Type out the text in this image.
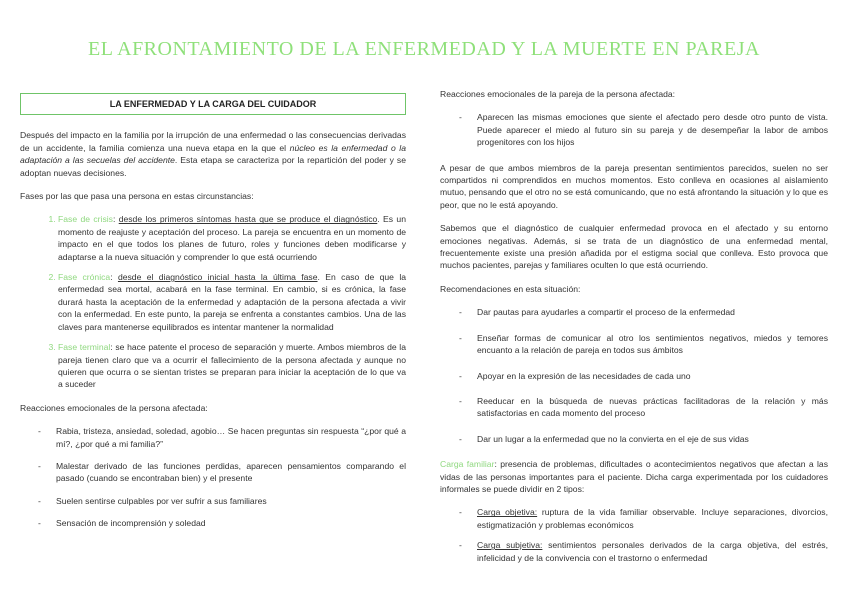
EL AFRONTAMIENTO DE LA ENFERMEDAD Y LA MUERTE EN PAREJA
LA ENFERMEDAD Y LA CARGA DEL CUIDADOR

Después del impacto en la familia por la irrupción de una enfermedad o las consecuencias derivadas de un accidente, la familia comienza una nueva etapa en la que el núcleo es la enfermedad o la adaptación a las secuelas del accidente. Esta etapa se caracteriza por la repartición del poder y se adoptan nuevas decisiones.

Fases por las que pasa una persona en estas circunstancias:

1. Fase de crisis: desde los primeros síntomas hasta que se produce el diagnóstico. Es un momento de reajuste y aceptación del proceso. La pareja se encuentra en un momento de impacto en el que todos los planes de futuro, roles y funciones deben modificarse y adaptarse a la nueva situación y comprender lo que está ocurriendo
2. Fase crónica: desde el diagnóstico inicial hasta la última fase. En caso de que la enfermedad sea mortal, acabará en la fase terminal. En cambio, si es crónica, la fase durará hasta la aceptación de la enfermedad y adaptación de la persona afectada a vivir con la enfermedad. En este punto, la pareja se enfrenta a constantes cambios. Una de las claves para mantenerse equilibrados es intentar mantener la normalidad
3. Fase terminal: se hace patente el proceso de separación y muerte. Ambos miembros de la pareja tienen claro que va a ocurrir el fallecimiento de la persona afectada y aunque no quieren que ocurra o se sientan tristes se preparan para iniciar la aceptación de lo que va a suceder

Reacciones emocionales de la persona afectada:

- Rabia, tristeza, ansiedad, soledad, agobio… Se hacen preguntas sin respuesta “¿por qué a mí?, ¿por qué a mi familia?”
- Malestar derivado de las funciones perdidas, aparecen pensamientos comparando el pasado (cuando se encontraban bien) y el presente
- Suelen sentirse culpables por ver sufrir a sus familiares
- Sensación de incomprensión y soledad

Reacciones emocionales de la pareja de la persona afectada:

- Aparecen las mismas emociones que siente el afectado pero desde otro punto de vista. Puede aparecer el miedo al futuro sin su pareja y de desempeñar la labor de ambos progenitores con los hijos

A pesar de que ambos miembros de la pareja presentan sentimientos parecidos, suelen no ser compartidos ni comprendidos en muchos momentos. Esto conlleva en ocasiones al aislamiento mutuo, pensando que el otro no se está comunicando, que no está afrontando la situación y lo que es peor, que no le está apoyando.

Sabemos que el diagnóstico de cualquier enfermedad provoca en el afectado y su entorno emociones negativas. Además, si se trata de un diagnóstico de una enfermedad mental, frecuentemente existe una presión añadida por el estigma social que conlleva. Esto provoca que muchos pacientes, parejas y familiares oculten lo que está ocurriendo.

Recomendaciones en esta situación:

- Dar pautas para ayudarles a compartir el proceso de la enfermedad
- Enseñar formas de comunicar al otro los sentimientos negativos, miedos y temores encuanto a la relación de pareja en todos sus ámbitos
- Apoyar en la expresión de las necesidades de cada uno
- Reeducar en la búsqueda de nuevas prácticas facilitadoras de la relación y más satisfactorias en cada momento del proceso
- Dar un lugar a la enfermedad que no la convierta en el eje de sus vidas

Carga familiar: presencia de problemas, dificultades o acontecimientos negativos que afectan a las vidas de las personas importantes para el paciente. Dicha carga experimentada por los cuidadores informales se puede dividir en 2 tipos:

- Carga objetiva: ruptura de la vida familiar observable. Incluye separaciones, divorcios, estigmatización y problemas económicos
- Carga subjetiva: sentimientos personales derivados de la carga objetiva, del estrés, infelicidad y de la convivencia con el trastorno o enfermedad
